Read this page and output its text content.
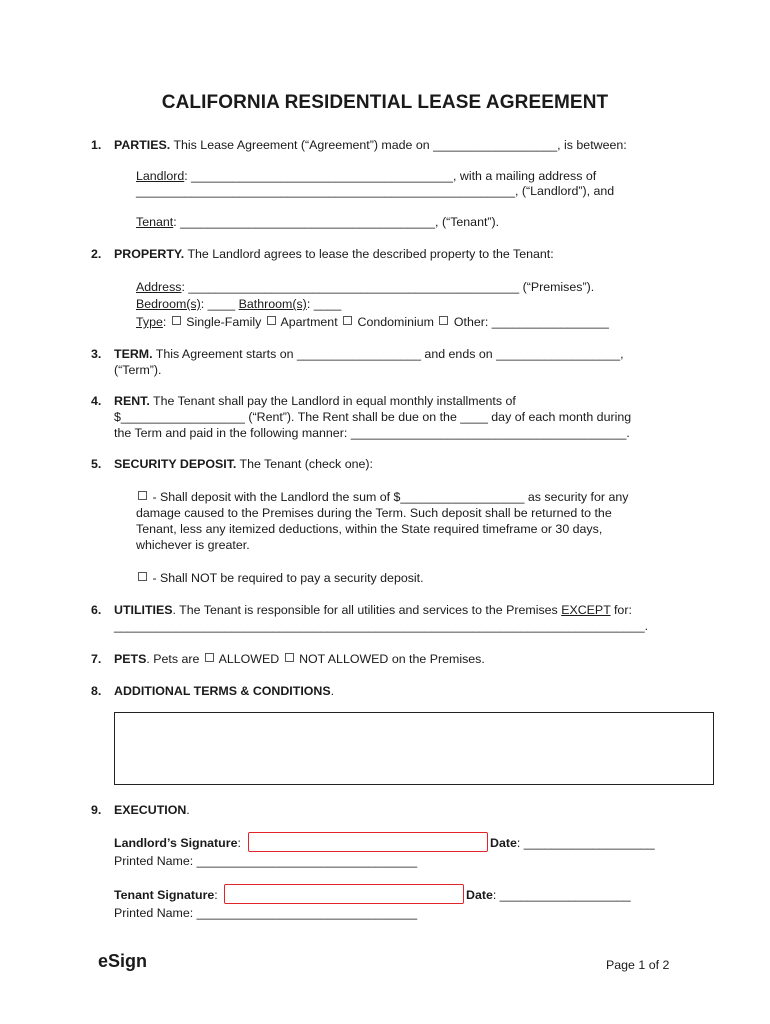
CALIFORNIA RESIDENTIAL LEASE AGREEMENT
1. PARTIES. This Lease Agreement (“Agreement”) made on __________________, is between:
Landlord: ______________________________________, with a mailing address of
_______________________________________________________, (“Landlord”), and
Tenant: _____________________________________, (“Tenant”).
2. PROPERTY. The Landlord agrees to lease the described property to the Tenant:
Address: ________________________________________________ (“Premises”).
Bedroom(s): ____ Bathroom(s): ____
Type:  Single-Family  Apartment  Condominium  Other: _________________
3. TERM. This Agreement starts on __________________ and ends on __________________,
(“Term”).
4. RENT. The Tenant shall pay the Landlord in equal monthly installments of
$__________________ (“Rent”). The Rent shall be due on the ____ day of each month during
the Term and paid in the following manner: ________________________________________.
5. SECURITY DEPOSIT. The Tenant (check one):
- Shall deposit with the Landlord the sum of $__________________ as security for any
damage caused to the Premises during the Term. Such deposit shall be returned to the
Tenant, less any itemized deductions, within the State required timeframe or 30 days,
whichever is greater.
- Shall NOT be required to pay a security deposit.
6. UTILITIES. The Tenant is responsible for all utilities and services to the Premises EXCEPT for:
_____________________________________________________________________________.
7. PETS. Pets are  ALLOWED  NOT ALLOWED on the Premises.
8. ADDITIONAL TERMS & CONDITIONS.
9. EXECUTION.
Landlord’s Signature:	Date: ___________________
Printed Name: ________________________________
Tenant Signature:	Date: ___________________
Printed Name: ________________________________
eSign	Page 1 of 2
